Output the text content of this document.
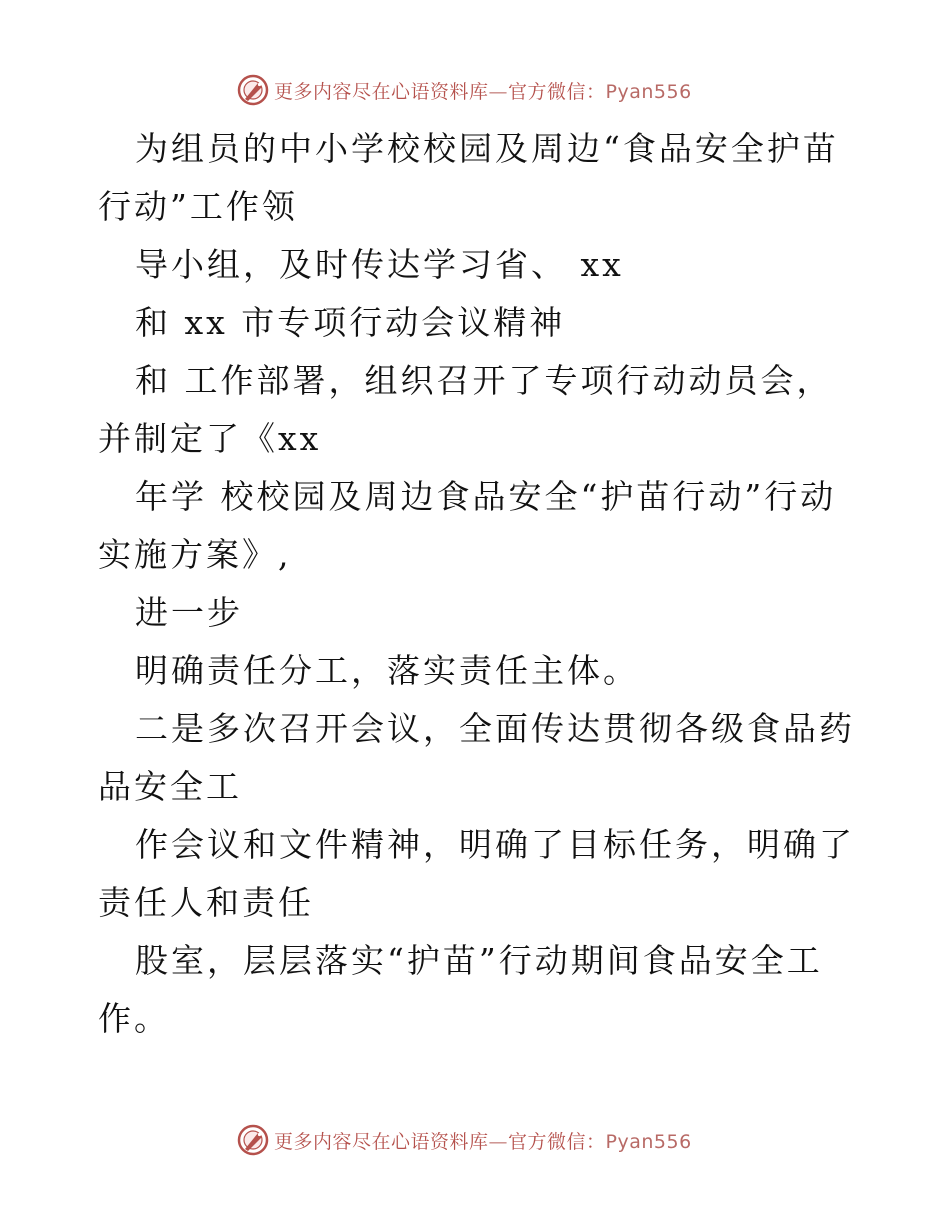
更多内容尽在心语资料库—官方微信：Pyan556

为组员的中小学校校园及周边“食品安全护苗行动”工作领

导小组，及时传达学习省、 xx

和 xx 市专项行动会议精神

和 工作部署，组织召开了专项行动动员会，并制定了《xx

年学 校校园及周边食品安全“护苗行动”行动实施方案》,

进一步

明确责任分工，落实责任主体。

二是多次召开会议，全面传达贯彻各级食品药品安全工

作会议和文件精神，明确了目标任务，明确了责任人和责任

股室，层层落实“护苗”行动期间食品安全工作。

更多内容尽在心语资料库—官方微信：Pyan556
